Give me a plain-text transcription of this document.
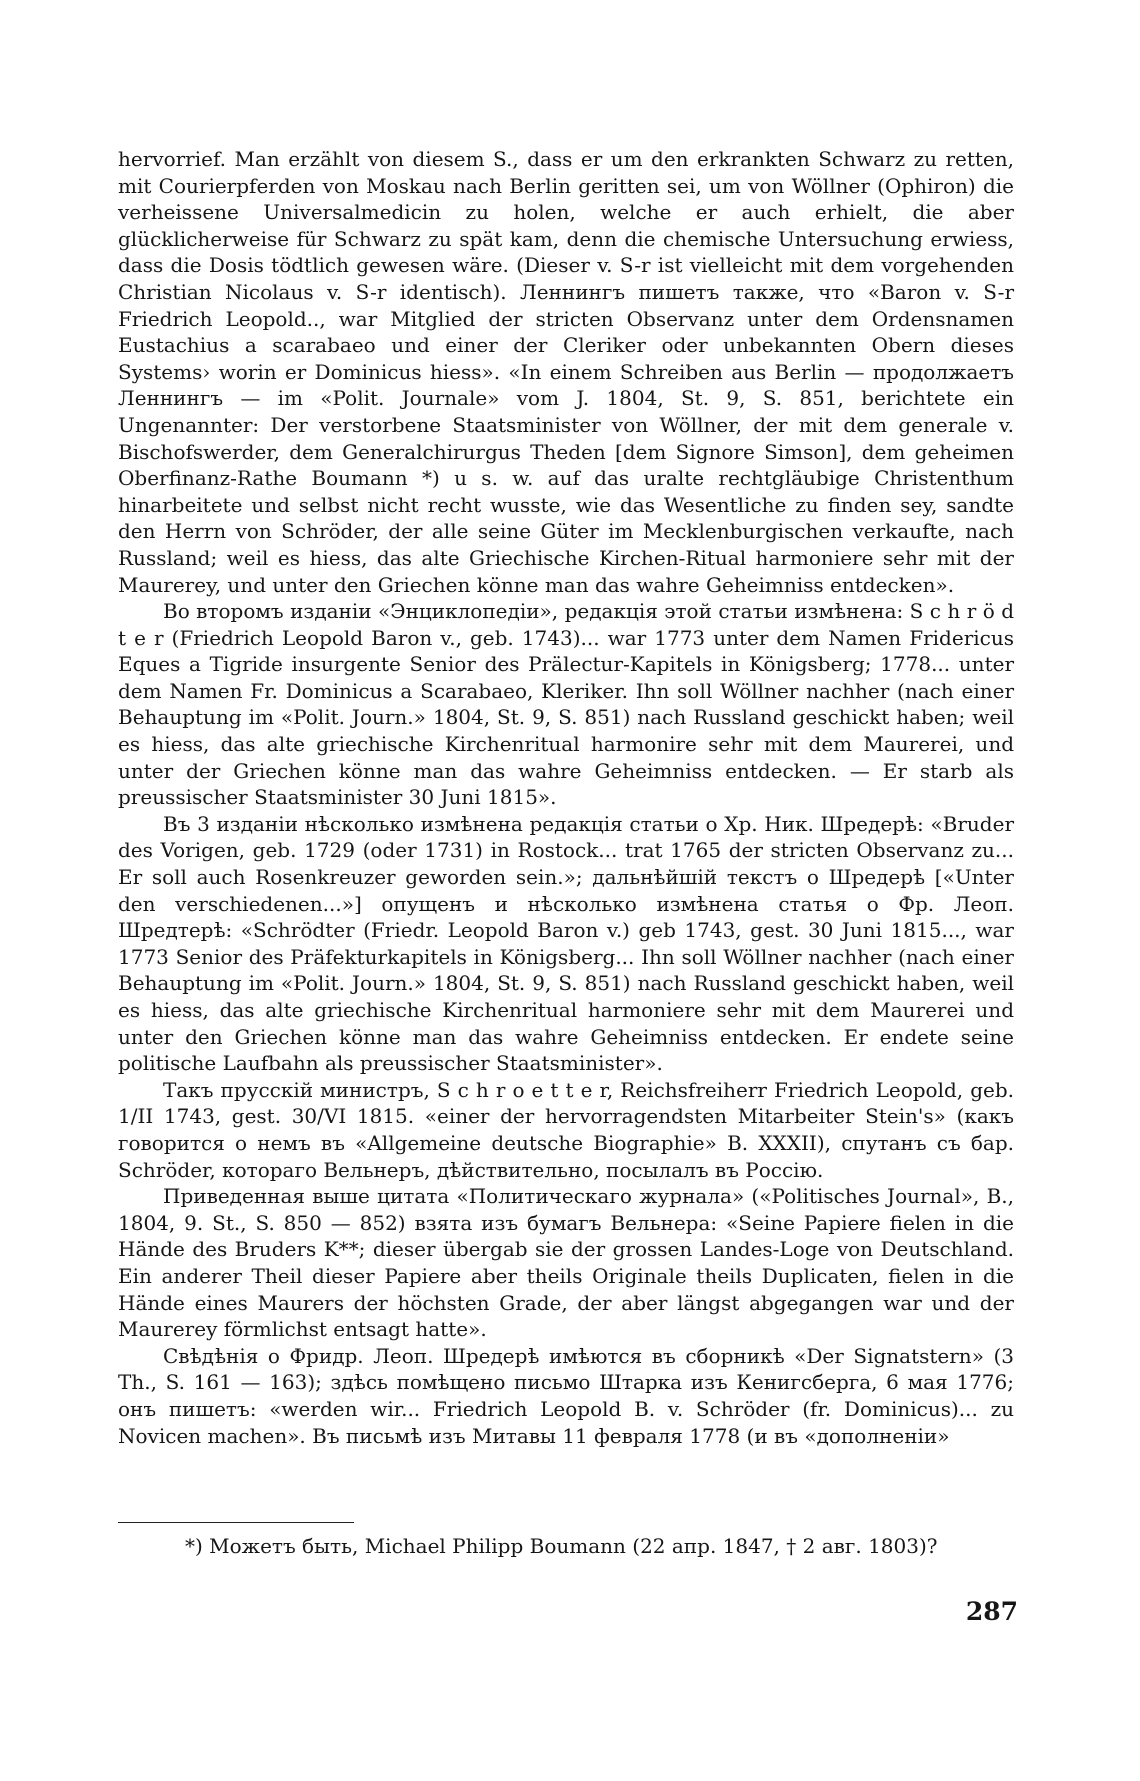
hervorrief. Man erzählt von diesem S., dass er um den erkrankten Schwarz zu retten, mit Courierpferden von Moskau nach Berlin geritten sei, um von Wöllner (Ophiron) die verheissene Universalmedicin zu holen, welche er auch erhielt, die aber glücklicherweise für Schwarz zu spät kam, denn die chemische Untersuchung erwiess, dass die Dosis tödtlich gewesen wäre. (Dieser v. S-r ist vielleicht mit dem vorgehenden Christian Nicolaus v. S-r identisch). Леннингъ пишетъ также, что «Baron v. S-r Friedrich Leopold.., war Mitglied der stricten Observanz unter dem Ordensnamen Eustachius a scarabaeo und einer der Cleriker oder unbekannten Obern dieses Systems› worin er Dominicus hiess». «In einem Schreiben aus Berlin — продолжаетъ Леннингъ — im «Polit. Journale» vom J. 1804, St. 9, S. 851, berichtete ein Ungenannter: Der verstorbene Staatsminister von Wöllner, der mit dem generale v. Bischofswerder, dem Generalchirurgus Theden [dem Signore Simson], dem geheimen Oberfinanz-Rathe Boumann *) u s. w. auf das uralte rechtgläubige Christenthum hinarbeitete und selbst nicht recht wusste, wie das Wesentliche zu finden sey, sandte den Herrn von Schröder, der alle seine Güter im Mecklenburgischen verkaufte, nach Russland; weil es hiess, das alte Griechische Kirchen-Ritual harmoniere sehr mit der Maurerey, und unter den Griechen könne man das wahre Geheimniss entdecken».

Во второмъ изданіи «Энциклопедіи», редакція этой статьи измѣнена: S c h r ö d t e r (Friedrich Leopold Baron v., geb. 1743)... war 1773 unter dem Namen Fridericus Eques a Tigride insurgente Senior des Prälectur-Kapitels in Königsberg; 1778... unter dem Namen Fr. Dominicus a Scarabaeo, Kleriker. Ihn soll Wöllner nachher (nach einer Behauptung im «Polit. Journ.» 1804, St. 9, S. 851) nach Russland geschickt haben; weil es hiess, das alte griechische Kirchenritual harmonire sehr mit dem Maurerei, und unter der Griechen könne man das wahre Geheimniss entdecken. — Er starb als preussischer Staatsminister 30 Juni 1815».

Въ 3 изданіи нѣсколько измѣнена редакція статьи о Хр. Ник. Шредерѣ: «Bruder des Vorigen, geb. 1729 (oder 1731) in Rostock... trat 1765 der stricten Observanz zu... Er soll auch Rosenkreuzer geworden sein.»; дальнѣйшій текстъ о Шредерѣ [«Unter den verschiedenen...»] опущенъ и нѣсколько измѣнена статья о Фр. Леоп. Шредтерѣ: «Schrödter (Friedr. Leopold Baron v.) geb 1743, gest. 30 Juni 1815..., war 1773 Senior des Präfekturkapitels in Königsberg... Ihn soll Wöllner nachher (nach einer Behauptung im «Polit. Journ.» 1804, St. 9, S. 851) nach Russland geschickt haben, weil es hiess, das alte griechische Kirchenritual harmoniere sehr mit dem Maurerei und unter den Griechen könne man das wahre Geheimniss entdecken. Er endete seine politische Laufbahn als preussischer Staatsminister».

Такъ прусскій министръ, S c h r o e t t e r, Reichsfreiherr Friedrich Leopold, geb. 1/II 1743, gest. 30/VI 1815. «einer der hervorragendsten Mitarbeiter Stein's» (какъ говорится о немъ въ «Allgemeine deutsche Biographie» B. XXXII), спутанъ съ бар. Schröder, котораго Вельнеръ, дѣйствительно, посылалъ въ Россію.

Приведенная выше цитата «Политическаго журнала» («Politisches Journal», B., 1804, 9. St., S. 850 — 852) взята изъ бумагъ Вельнера: «Seine Papiere fielen in die Hände des Bruders K**; dieser übergab sie der grossen Landes-Loge von Deutschland. Ein anderer Theil dieser Papiere aber theils Originale theils Duplicaten, fielen in die Hände eines Maurers der höchsten Grade, der aber längst abgegangen war und der Maurerey förmlichst entsagt hatte».

Свѣдѣнія о Фридр. Леоп. Шредерѣ имѣются въ сборникѣ «Der Signatstern» (3 Th., S. 161 — 163); здѣсь помѣщено письмо Штарка изъ Кенигсберга, 6 мая 1776; онъ пишетъ: «werden wir... Friedrich Leopold B. v. Schröder (fr. Dominicus)... zu Novicen machen». Въ письмѣ изъ Митавы 11 февраля 1778 (и въ «дополненіи»

*) Можетъ быть, Michael Philipp Boumann (22 апр. 1847, † 2 авг. 1803)?
287
